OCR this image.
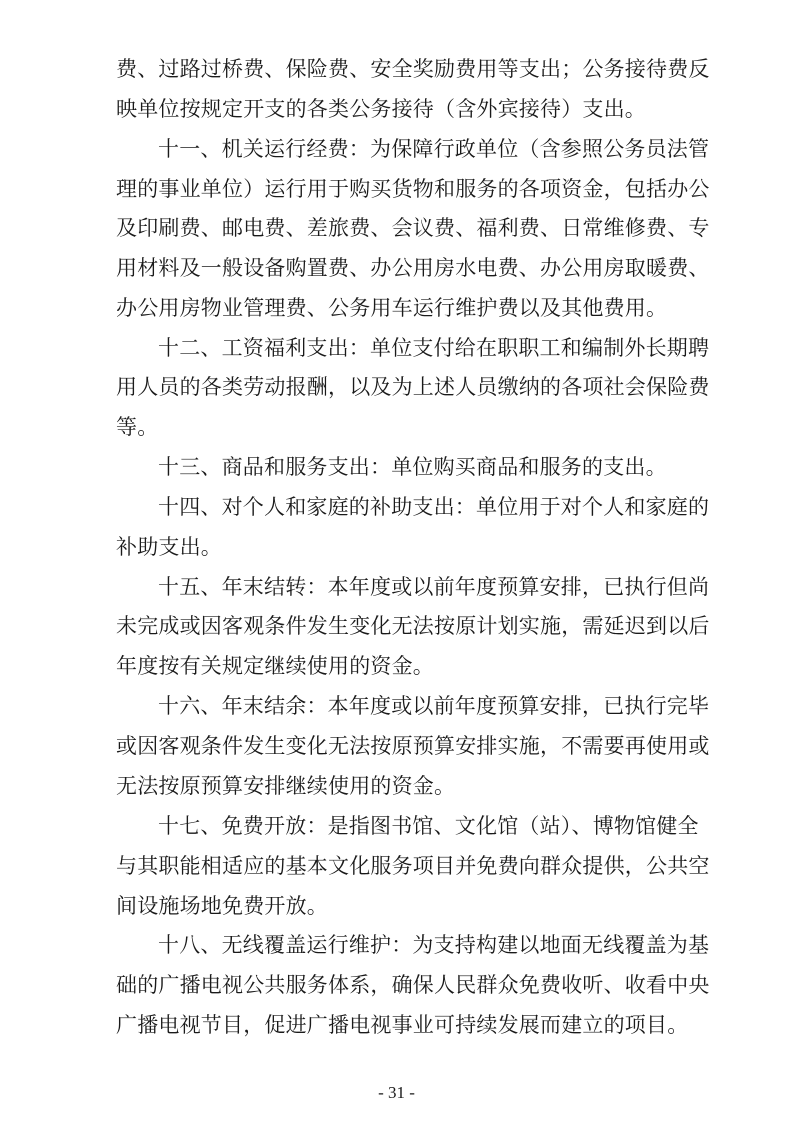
费、过路过桥费、保险费、安全奖励费用等支出；公务接待费反
映单位按规定开支的各类公务接待（含外宾接待）支出。
十一、机关运行经费：为保障行政单位（含参照公务员法管
理的事业单位）运行用于购买货物和服务的各项资金，包括办公
及印刷费、邮电费、差旅费、会议费、福利费、日常维修费、专
用材料及一般设备购置费、办公用房水电费、办公用房取暖费、
办公用房物业管理费、公务用车运行维护费以及其他费用。
十二、工资福利支出：单位支付给在职职工和编制外长期聘
用人员的各类劳动报酬，以及为上述人员缴纳的各项社会保险费
等。
十三、商品和服务支出：单位购买商品和服务的支出。
十四、对个人和家庭的补助支出：单位用于对个人和家庭的
补助支出。
十五、年末结转：本年度或以前年度预算安排，已执行但尚
未完成或因客观条件发生变化无法按原计划实施，需延迟到以后
年度按有关规定继续使用的资金。
十六、年末结余：本年度或以前年度预算安排，已执行完毕
或因客观条件发生变化无法按原预算安排实施，不需要再使用或
无法按原预算安排继续使用的资金。
十七、免费开放：是指图书馆、文化馆（站）、博物馆健全
与其职能相适应的基本文化服务项目并免费向群众提供，公共空
间设施场地免费开放。
十八、无线覆盖运行维护：为支持构建以地面无线覆盖为基
础的广播电视公共服务体系，确保人民群众免费收听、收看中央
广播电视节目，促进广播电视事业可持续发展而建立的项目。
- 31 -
